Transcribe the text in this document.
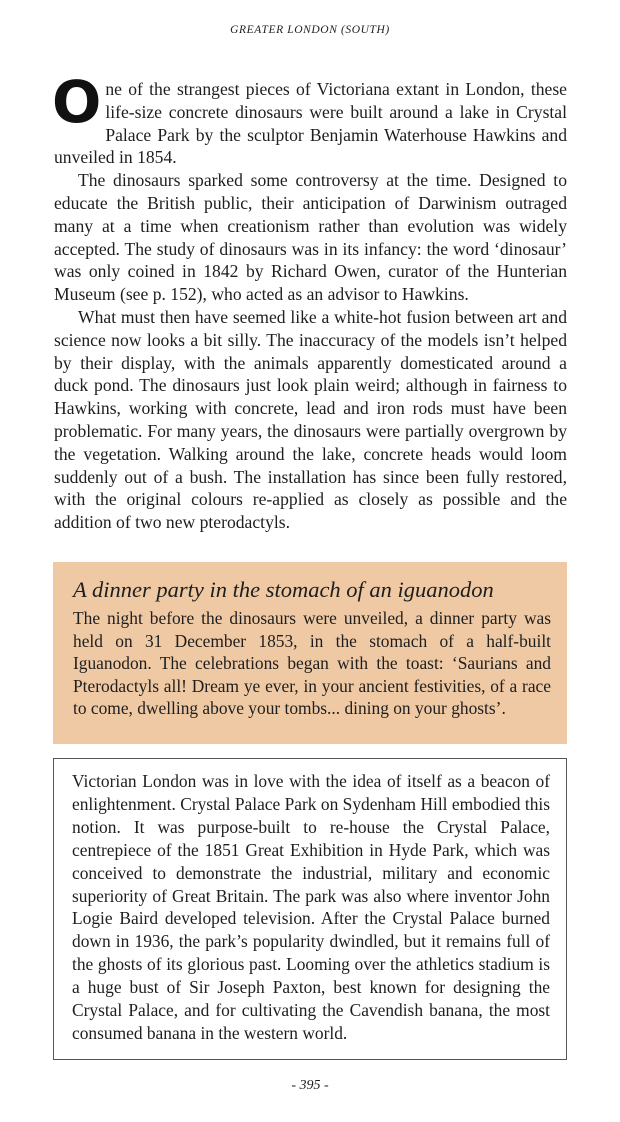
GREATER LONDON (SOUTH)

One of the strangest pieces of Victoriana extant in London, these life-size concrete dinosaurs were built around a lake in Crystal Palace Park by the sculptor Benjamin Waterhouse Hawkins and unveiled in 1854.

The dinosaurs sparked some controversy at the time. Designed to educate the British public, their anticipation of Darwinism outraged many at a time when creationism rather than evolution was widely accepted. The study of dinosaurs was in its infancy: the word ‘dinosaur’ was only coined in 1842 by Richard Owen, curator of the Hunterian Museum (see p. 152), who acted as an advisor to Hawkins.

What must then have seemed like a white-hot fusion between art and science now looks a bit silly. The inaccuracy of the models isn’t helped by their display, with the animals apparently domesticated around a duck pond. The dinosaurs just look plain weird; although in fairness to Hawkins, working with concrete, lead and iron rods must have been problematic. For many years, the dinosaurs were partially overgrown by the vegetation. Walking around the lake, concrete heads would loom suddenly out of a bush. The installation has since been fully restored, with the original colours re-applied as closely as possible and the addition of two new pterodactyls.

A dinner party in the stomach of an iguanodon

The night before the dinosaurs were unveiled, a dinner party was held on 31 December 1853, in the stomach of a half-built Iguanodon. The celebrations began with the toast: ‘Saurians and Pterodactyls all! Dream ye ever, in your ancient festivities, of a race to come, dwelling above your tombs... dining on your ghosts’.

Victorian London was in love with the idea of itself as a beacon of enlightenment. Crystal Palace Park on Sydenham Hill embodied this notion. It was purpose-built to re-house the Crystal Palace, centrepiece of the 1851 Great Exhibition in Hyde Park, which was conceived to demonstrate the industrial, military and economic superiority of Great Britain. The park was also where inventor John Logie Baird developed television. After the Crystal Palace burned down in 1936, the park’s popularity dwindled, but it remains full of the ghosts of its glorious past. Looming over the athletics stadium is a huge bust of Sir Joseph Paxton, best known for designing the Crystal Palace, and for cultivating the Cavendish banana, the most consumed banana in the western world.

- 395 -
